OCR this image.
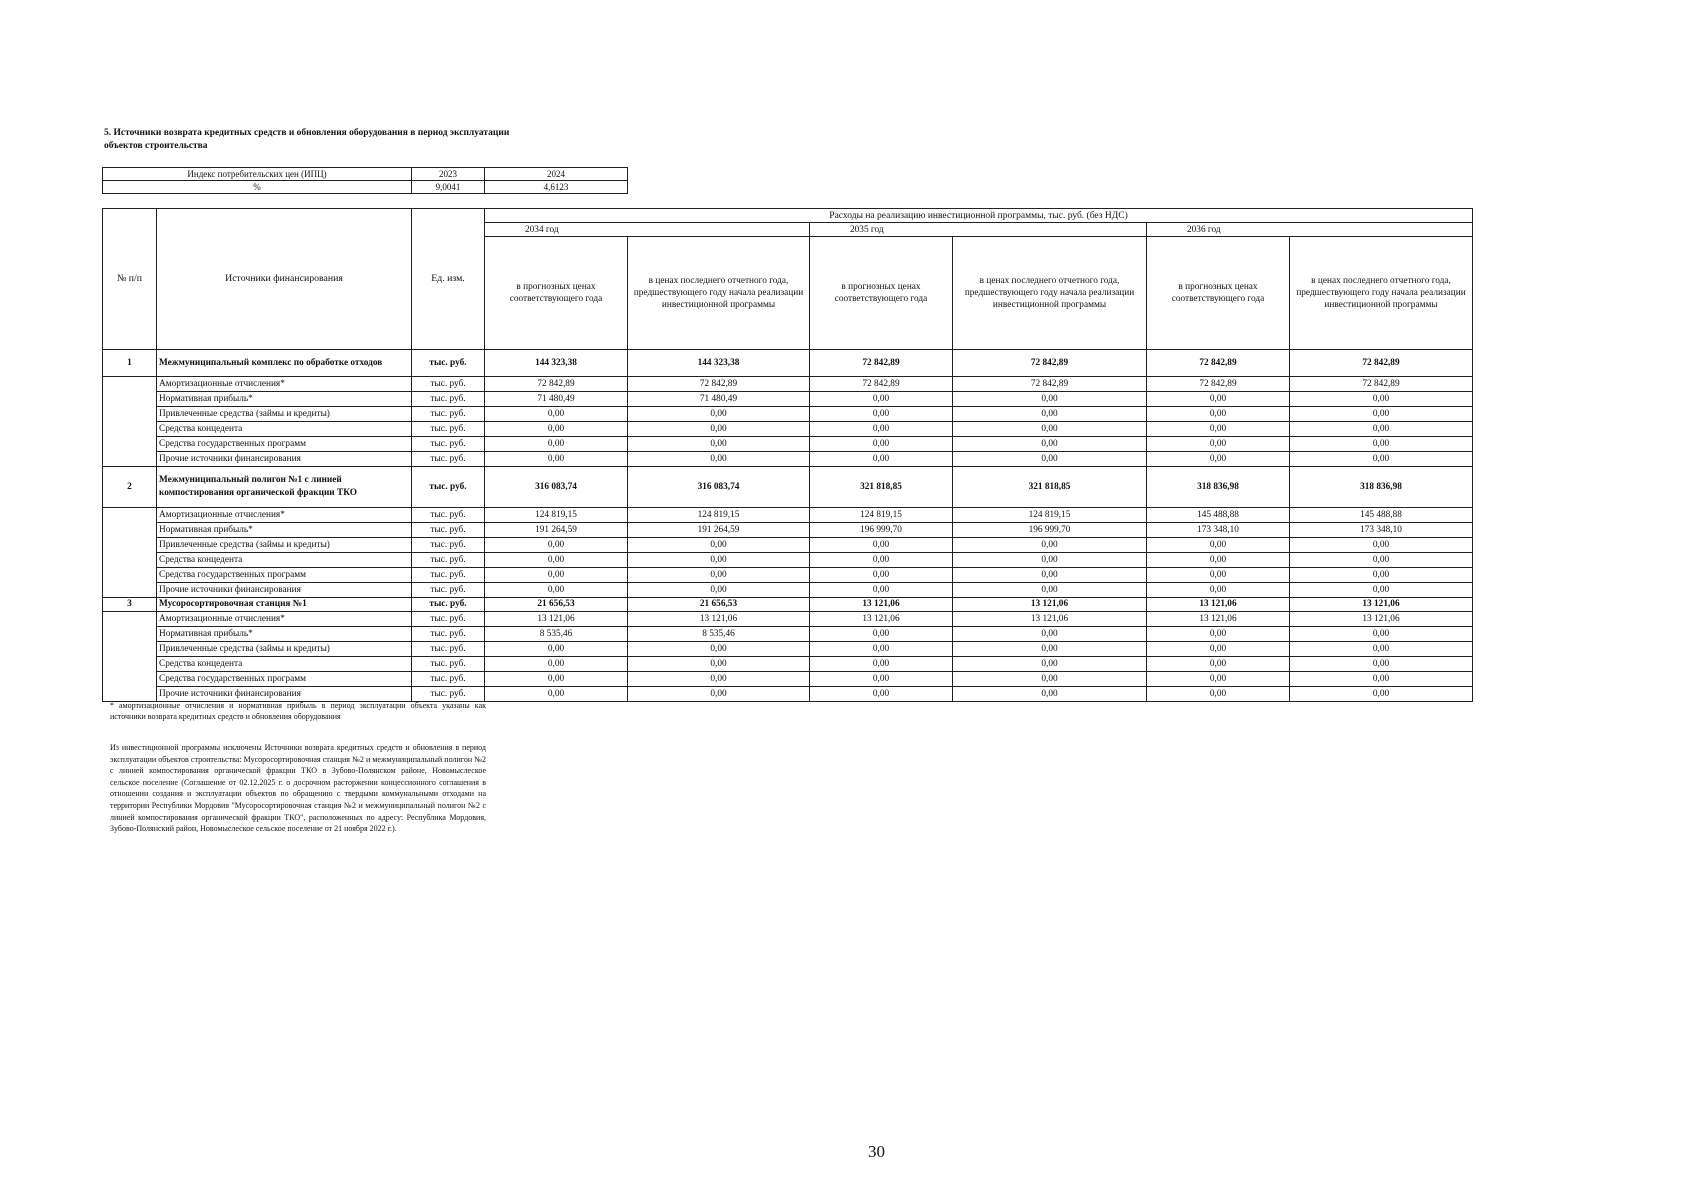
5. Источники возврата кредитных средств и обновления оборудования в период эксплуатации объектов строительства
Индекс потребительских цен (ИПЦ)	2023	2024
%	9,0041	4,6123
№ п/п	Источники финансирования	Ед. изм.	Расходы на реализацию инвестиционной программы, тыс. руб. (без НДС)					
			2034 год		2035 год		2036 год	
			в прогнозных ценах соответствующего года	в ценах последнего отчетного года, предшествующего году начала реализации инвестиционной программы	в прогнозных ценах соответствующего года	в ценах последнего отчетного года, предшествующего году начала реализации инвестиционной программы	в прогнозных ценах соответствующего года	в ценах последнего отчетного года, предшествующего году начала реализации инвестиционной программы
1	Межмуниципальный комплекс по обработке отходов	тыс. руб.	144 323,38	144 323,38	72 842,89	72 842,89	72 842,89	72 842,89
	Амортизационные отчисления*	тыс. руб.	72 842,89	72 842,89	72 842,89	72 842,89	72 842,89	72 842,89
	Нормативная прибыль*	тыс. руб.	71 480,49	71 480,49	0,00	0,00	0,00	0,00
	Привлеченные средства (займы и кредиты)	тыс. руб.	0,00	0,00	0,00	0,00	0,00	0,00
	Средства концедента	тыс. руб.	0,00	0,00	0,00	0,00	0,00	0,00
	Средства государственных программ	тыс. руб.	0,00	0,00	0,00	0,00	0,00	0,00
	Прочие источники финансирования	тыс. руб.	0,00	0,00	0,00	0,00	0,00	0,00
2	Межмуниципальный полигон №1 с линией компостирования органической фракции ТКО	тыс. руб.	316 083,74	316 083,74	321 818,85	321 818,85	318 836,98	318 836,98
	Амортизационные отчисления*	тыс. руб.	124 819,15	124 819,15	124 819,15	124 819,15	145 488,88	145 488,88
	Нормативная прибыль*	тыс. руб.	191 264,59	191 264,59	196 999,70	196 999,70	173 348,10	173 348,10
	Привлеченные средства (займы и кредиты)	тыс. руб.	0,00	0,00	0,00	0,00	0,00	0,00
	Средства концедента	тыс. руб.	0,00	0,00	0,00	0,00	0,00	0,00
	Средства государственных программ	тыс. руб.	0,00	0,00	0,00	0,00	0,00	0,00
	Прочие источники финансирования	тыс. руб.	0,00	0,00	0,00	0,00	0,00	0,00
3	Мусоросортировочная станция №1	тыс. руб.	21 656,53	21 656,53	13 121,06	13 121,06	13 121,06	13 121,06
	Амортизационные отчисления*	тыс. руб.	13 121,06	13 121,06	13 121,06	13 121,06	13 121,06	13 121,06
	Нормативная прибыль*	тыс. руб.	8 535,46	8 535,46	0,00	0,00	0,00	0,00
	Привлеченные средства (займы и кредиты)	тыс. руб.	0,00	0,00	0,00	0,00	0,00	0,00
	Средства концедента	тыс. руб.	0,00	0,00	0,00	0,00	0,00	0,00
	Средства государственных программ	тыс. руб.	0,00	0,00	0,00	0,00	0,00	0,00
	Прочие источники финансирования	тыс. руб.	0,00	0,00	0,00	0,00	0,00	0,00
* амортизационные отчисления и нормативная прибыль в период эксплуатации объекта указаны как источники возврата кредитных средств и обновления оборудования
Из инвестиционной программы исключены Источники возврата кредитных средств и обновления в период эксплуатации объектов строительства: Мусоросортировочная станция №2 и межмуниципальный полигон №2 с линией компостирования органической фракции ТКО в Зубово-Полянском районе, Новомыслеское сельское поселение (Соглашение от 02.12.2025 г. о досрочном расторжении концессионного соглашения в отношении создания и эксплуатации объектов по обращению с твердыми коммунальными отходами на территории Республики Мордовия "Мусоросортировочная станция №2 и межмуниципальный полигон №2 с линией компостирования органической фракции ТКО", расположенных по адресу: Республика Мордовия, Зубово-Полянский район, Новомыслеское сельское поселение от 21 ноября 2022 г.).
30
